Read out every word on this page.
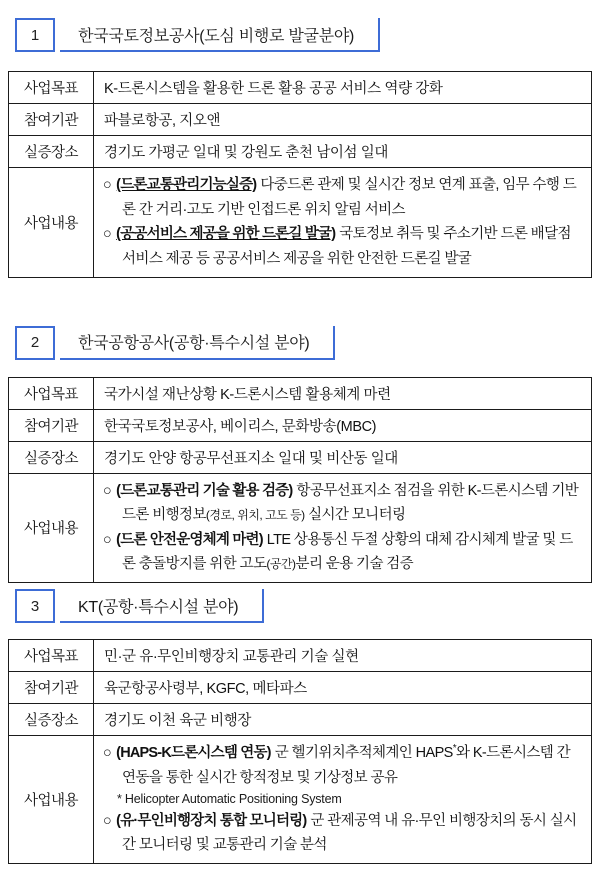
1	한국국토정보공사(도심 비행로 발굴분야)
사업목표	K-드론시스템을 활용한 드론 활용 공공 서비스 역량 강화
참여기관	파블로항공, 지오앤
실증장소	경기도 가평군 일대 및 강원도 춘천 남이섬 일대
사업내용	○ (드론교통관리기능실증) 다중드론 관제 및 실시간 정보 연계 표출, 임무 수행 드론 간 거리·고도 기반 인접드론 위치 알림 서비스
○ (공공서비스 제공을 위한 드론길 발굴) 국토정보 취득 및 주소기반 드론 배달점 서비스 제공 등 공공서비스 제공을 위한 안전한 드론길 발굴
2	한국공항공사(공항·특수시설 분야)
사업목표	국가시설 재난상황 K-드론시스템 활용체계 마련
참여기관	한국국토정보공사, 베이리스, 문화방송(MBC)
실증장소	경기도 안양 항공무선표지소 일대 및 비산동 일대
사업내용	○ (드론교통관리 기술 활용 검증) 항공무선표지소 점검을 위한 K-드론시스템 기반 드론 비행정보(경로, 위치, 고도 등) 실시간 모니터링
○ (드론 안전운영체계 마련) LTE 상용통신 두절 상황의 대체 감시체계 발굴 및 드론 충돌방지를 위한 고도(공간)분리 운용 기술 검증
3	KT(공항·특수시설 분야)
사업목표	민·군 유·무인비행장치 교통관리 기술 실현
참여기관	육군항공사령부, KGFC, 메타파스
실증장소	경기도 이천 육군 비행장
사업내용	○ (HAPS-K드론시스템 연동) 군 헬기위치추적체계인 HAPS*와 K-드론시스템 간 연동을 통한 실시간 항적정보 및 기상정보 공유
* Helicopter Automatic Positioning System
○ (유·무인비행장치 통합 모니터링) 군 관제공역 내 유·무인 비행장치의 동시 실시간 모니터링 및 교통관리 기술 분석
